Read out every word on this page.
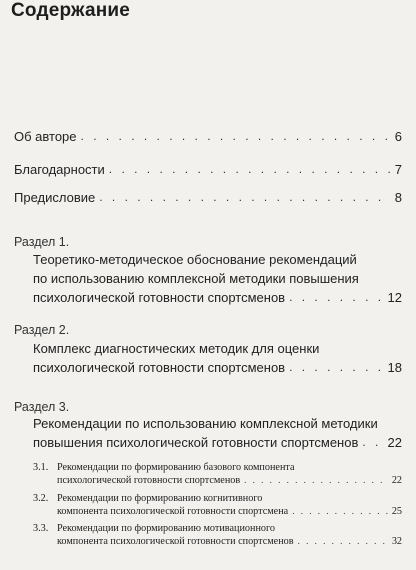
Содержание
Об авторе . . .	6
Благодарности . . .	7
Предисловие . . .	8
Раздел 1.
Теоретико-методическое обоснование рекомендаций
по использованию комплексной методики повышения
психологической готовности спортсменов . . .	12
Раздел 2.
Комплекс диагностических методик для оценки
психологической готовности спортсменов . . .	18
Раздел 3.
Рекомендации по использованию комплексной методики
повышения психологической готовности спортсменов . . . 22
3.1. Рекомендации по формированию базового компонента
психологической готовности спортсменов . . .	22
3.2. Рекомендации по формированию когнитивного
компонента психологической готовности спортсмена . . .	25
3.3. Рекомендации по формированию мотивационного
компонента психологической готовности спортсменов . . .	32
